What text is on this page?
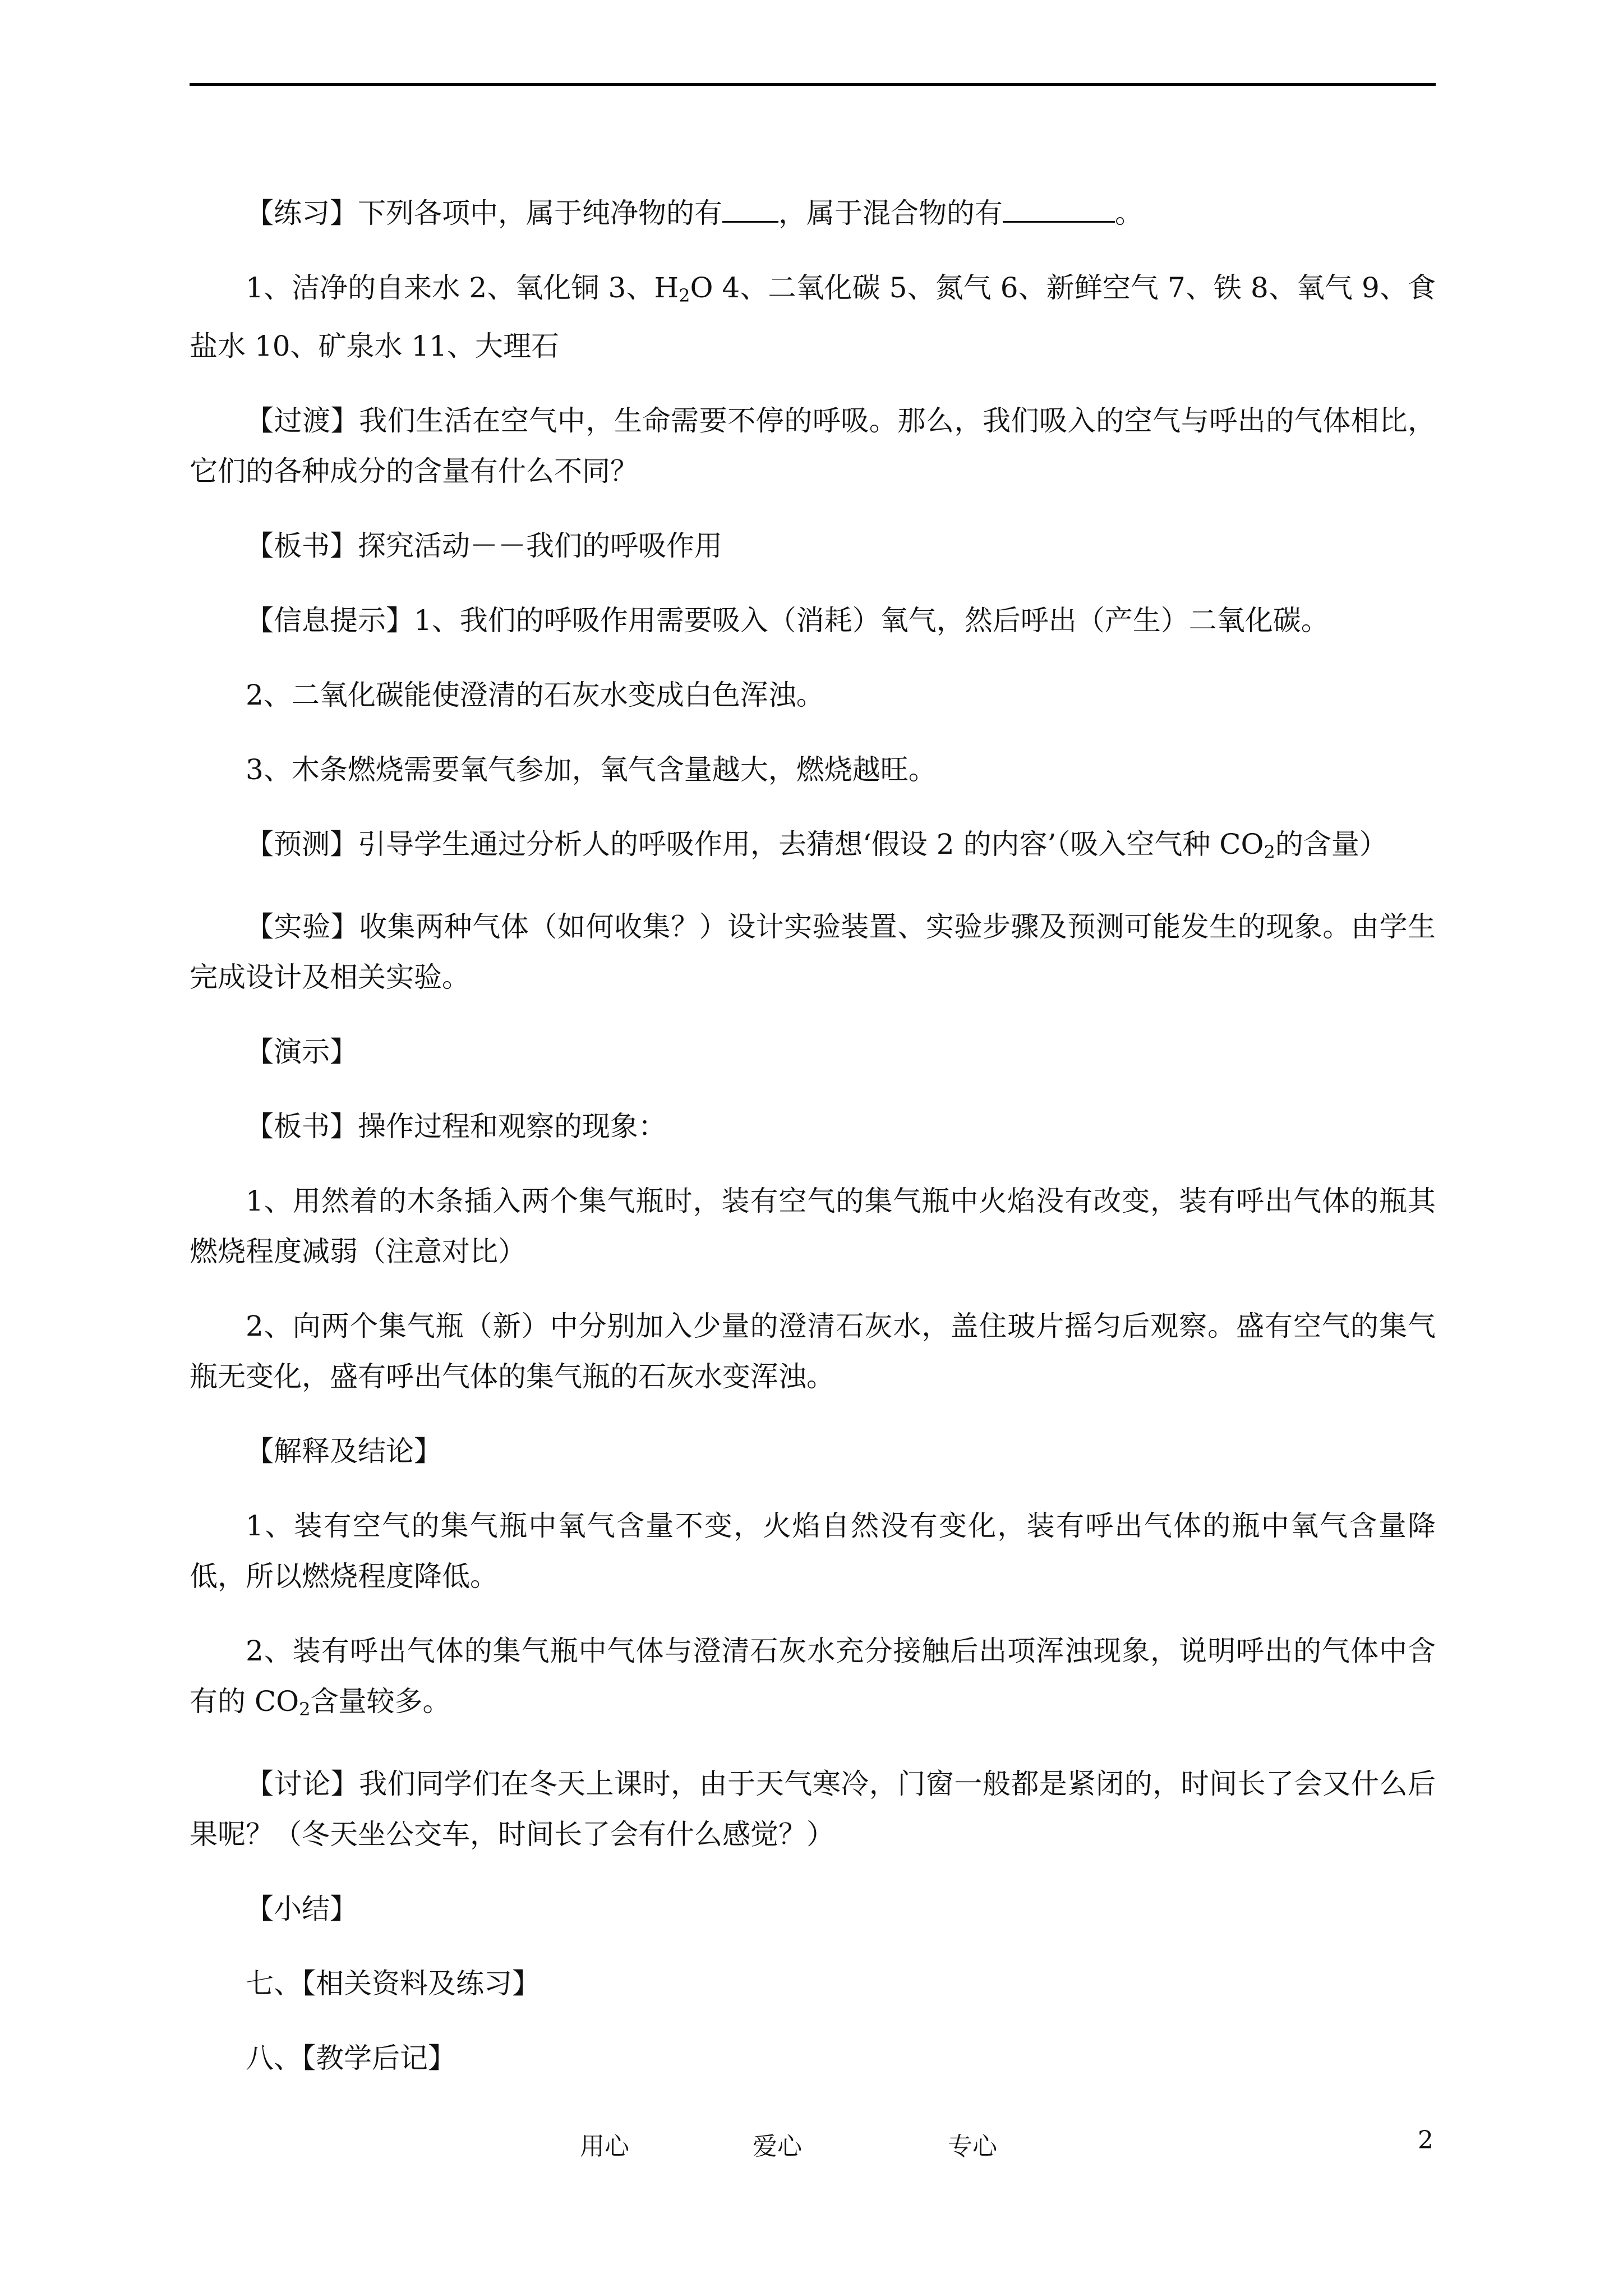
【练习】下列各项中，属于纯净物的有 ，属于混合物的有	。

1、洁净的自来水 2、氧化铜 3、$H_2O$ 4、二氧化碳 5、氮气 6、新鲜空气 7、铁 8、氧气 9、食盐水 10、矿泉水 11、大理石

【过渡】我们生活在空气中，生命需要不停的呼吸。那么，我们吸入的空气与呼出的气体相比，它们的各种成分的含量有什么不同？

【板书】探究活动－－我们的呼吸作用

【信息提示】1、我们的呼吸作用需要吸入（消耗）氧气，然后呼出（产生）二氧化碳。

2、二氧化碳能使澄清的石灰水变成白色浑浊。

3、木条燃烧需要氧气参加，氧气含量越大，燃烧越旺。

【预测】引导学生通过分析人的呼吸作用，去猜想‘假设 2 的内容’（吸入空气种 $CO_2$的含量）

【实验】收集两种气体（如何收集？）设计实验装置、实验步骤及预测可能发生的现象。由学生完成设计及相关实验。

【演示】

【板书】操作过程和观察的现象：

1、用然着的木条插入两个集气瓶时，装有空气的集气瓶中火焰没有改变，装有呼出气体的瓶其燃烧程度减弱（注意对比）

2、向两个集气瓶（新）中分别加入少量的澄清石灰水，盖住玻片摇匀后观察。盛有空气的集气瓶无变化，盛有呼出气体的集气瓶的石灰水变浑浊。

【解释及结论】

1、装有空气的集气瓶中氧气含量不变，火焰自然没有变化，装有呼出气体的瓶中氧气含量降低，所以燃烧程度降低。

2、装有呼出气体的集气瓶中气体与澄清石灰水充分接触后出项浑浊现象，说明呼出的气体中含有的 $CO_2$含量较多。

【讨论】我们同学们在冬天上课时，由于天气寒冷，门窗一般都是紧闭的，时间长了会又什么后果呢？（冬天坐公交车，时间长了会有什么感觉？）

【小结】

七、【相关资料及练习】

八、【教学后记】

用心	爱心	专心	2
